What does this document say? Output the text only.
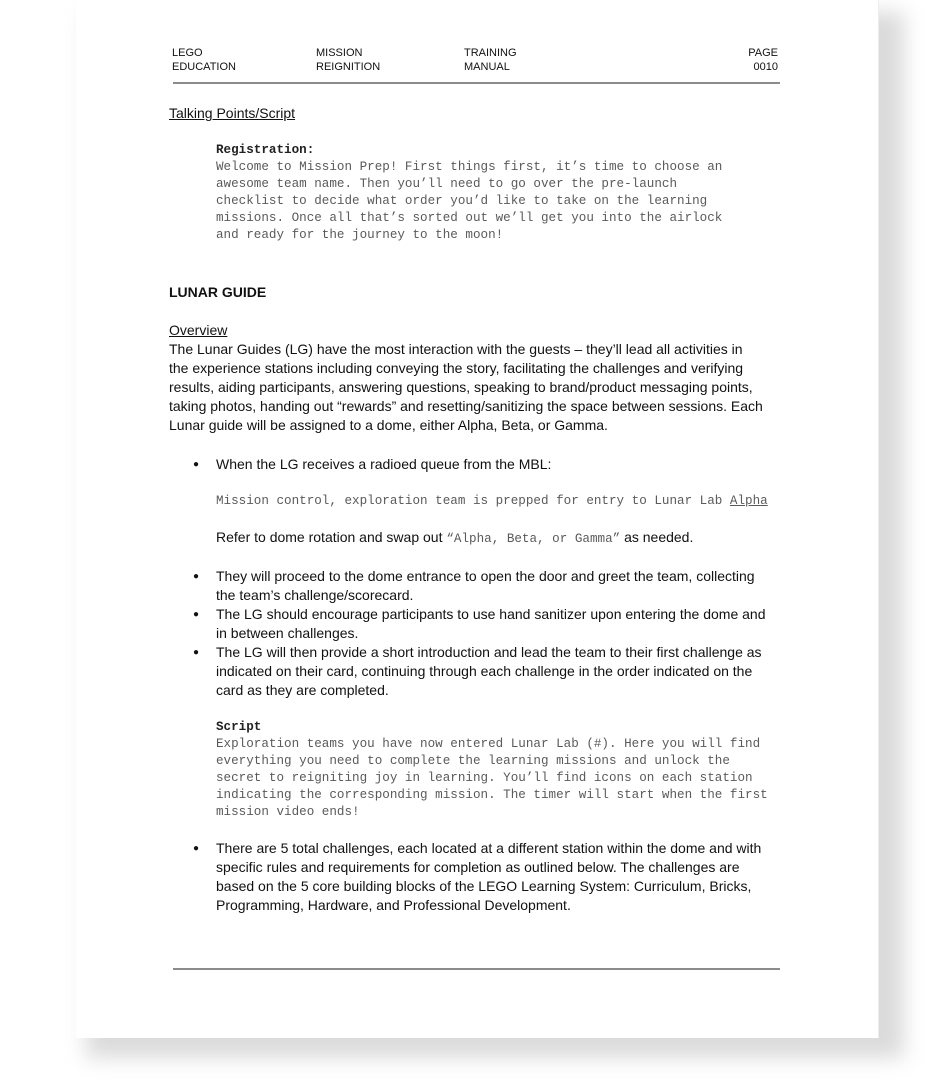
LEGO
EDUCATION
MISSION
REIGNITION
TRAINING
MANUAL
PAGE
0010
Talking Points/Script
Registration:
Welcome to Mission Prep! First things first, it’s time to choose an
awesome team name. Then you’ll need to go over the pre-launch
checklist to decide what order you’d like to take on the learning
missions. Once all that’s sorted out we’ll get you into the airlock
and ready for the journey to the moon!
LUNAR GUIDE
Overview
The Lunar Guides (LG) have the most interaction with the guests – they’ll lead all activities in
the experience stations including conveying the story, facilitating the challenges and verifying
results, aiding participants, answering questions, speaking to brand/product messaging points,
taking photos, handing out “rewards” and resetting/sanitizing the space between sessions. Each
Lunar guide will be assigned to a dome, either Alpha, Beta, or Gamma.
● When the LG receives a radioed queue from the MBL:
Mission control, exploration team is prepped for entry to Lunar Lab Alpha
Refer to dome rotation and swap out “Alpha, Beta, or Gamma” as needed.
● They will proceed to the dome entrance to open the door and greet the team, collecting
the team’s challenge/scorecard.
● The LG should encourage participants to use hand sanitizer upon entering the dome and
in between challenges.
● The LG will then provide a short introduction and lead the team to their first challenge as
indicated on their card, continuing through each challenge in the order indicated on the
card as they are completed.
Script
Exploration teams you have now entered Lunar Lab (#). Here you will find
everything you need to complete the learning missions and unlock the
secret to reigniting joy in learning. You’ll find icons on each station
indicating the corresponding mission. The timer will start when the first
mission video ends!
● There are 5 total challenges, each located at a different station within the dome and with
specific rules and requirements for completion as outlined below. The challenges are
based on the 5 core building blocks of the LEGO Learning System: Curriculum, Bricks,
Programming, Hardware, and Professional Development.
